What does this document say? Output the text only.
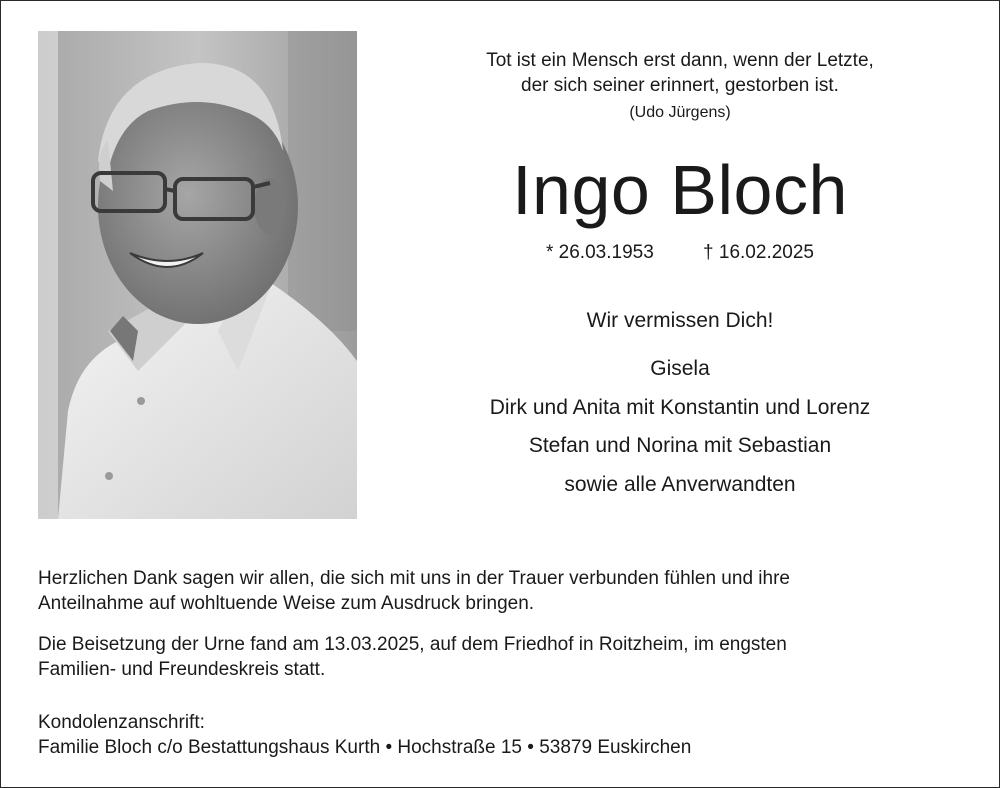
Tot ist ein Mensch erst dann, wenn der Letzte,
der sich seiner erinnert, gestorben ist.
(Udo Jürgens)
Ingo Bloch
* 26.03.1953	† 16.02.2025
Wir vermissen Dich!
Gisela
Dirk und Anita mit Konstantin und Lorenz
Stefan und Norina mit Sebastian
sowie alle Anverwandten
Herzlichen Dank sagen wir allen, die sich mit uns in der Trauer verbunden fühlen und ihre
Anteilnahme auf wohltuende Weise zum Ausdruck bringen.
Die Beisetzung der Urne fand am 13.03.2025, auf dem Friedhof in Roitzheim, im engsten
Familien- und Freundeskreis statt.
Kondolenzanschrift:
Familie Bloch c/o Bestattungshaus Kurth • Hochstraße 15 • 53879 Euskirchen
